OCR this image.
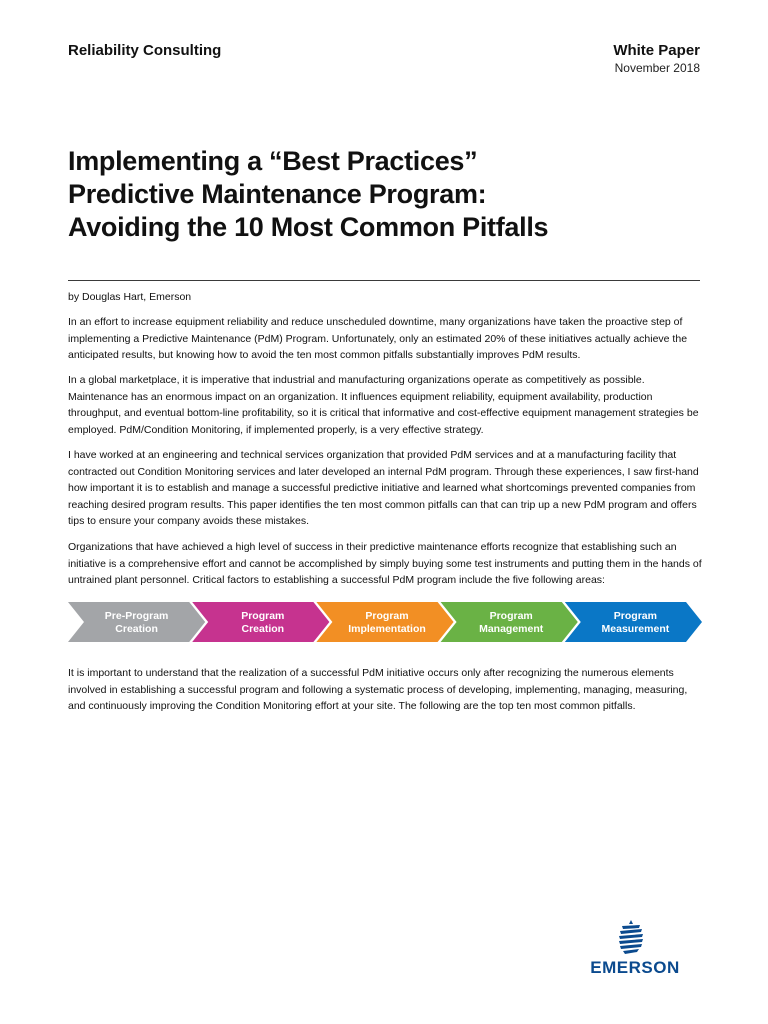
Reliability Consulting	White Paper
November 2018
Implementing a “Best Practices”
Predictive Maintenance Program:
Avoiding the 10 Most Common Pitfalls
by Douglas Hart, Emerson

In an effort to increase equipment reliability and reduce unscheduled downtime, many organizations have taken the proactive step of implementing a Predictive Maintenance (PdM) Program. Unfortunately, only an estimated 20% of these initiatives actually achieve the anticipated results, but knowing how to avoid the ten most common pitfalls substantially improves PdM results.

In a global marketplace, it is imperative that industrial and manufacturing organizations operate as competitively as possible. Maintenance has an enormous impact on an organization. It influences equipment reliability, equipment availability, production throughput, and eventual bottom-line profitability, so it is critical that informative and cost-effective equipment management strategies be employed. PdM/Condition Monitoring, if implemented properly, is a very effective strategy.

I have worked at an engineering and technical services organization that provided PdM services and at a manufacturing facility that contracted out Condition Monitoring services and later developed an internal PdM program. Through these experiences, I saw first-hand how important it is to establish and manage a successful predictive initiative and learned what shortcomings prevented companies from reaching desired program results. This paper identifies the ten most common pitfalls can that can trip up a new PdM program and offers tips to ensure your company avoids these mistakes.

Organizations that have achieved a high level of success in their predictive maintenance efforts recognize that establishing such an initiative is a comprehensive effort and cannot be accomplished by simply buying some test instruments and putting them in the hands of untrained plant personnel. Critical factors to establishing a successful PdM program include the five following areas:

Pre-Program
Creation
Program
Creation
Program
Implementation
Program
Management
Program
Measurement

It is important to understand that the realization of a successful PdM initiative occurs only after recognizing the numerous elements involved in establishing a successful program and following a systematic process of developing, implementing, managing, measuring, and continuously improving the Condition Monitoring effort at your site. The following are the top ten most common pitfalls.

EMERSON
